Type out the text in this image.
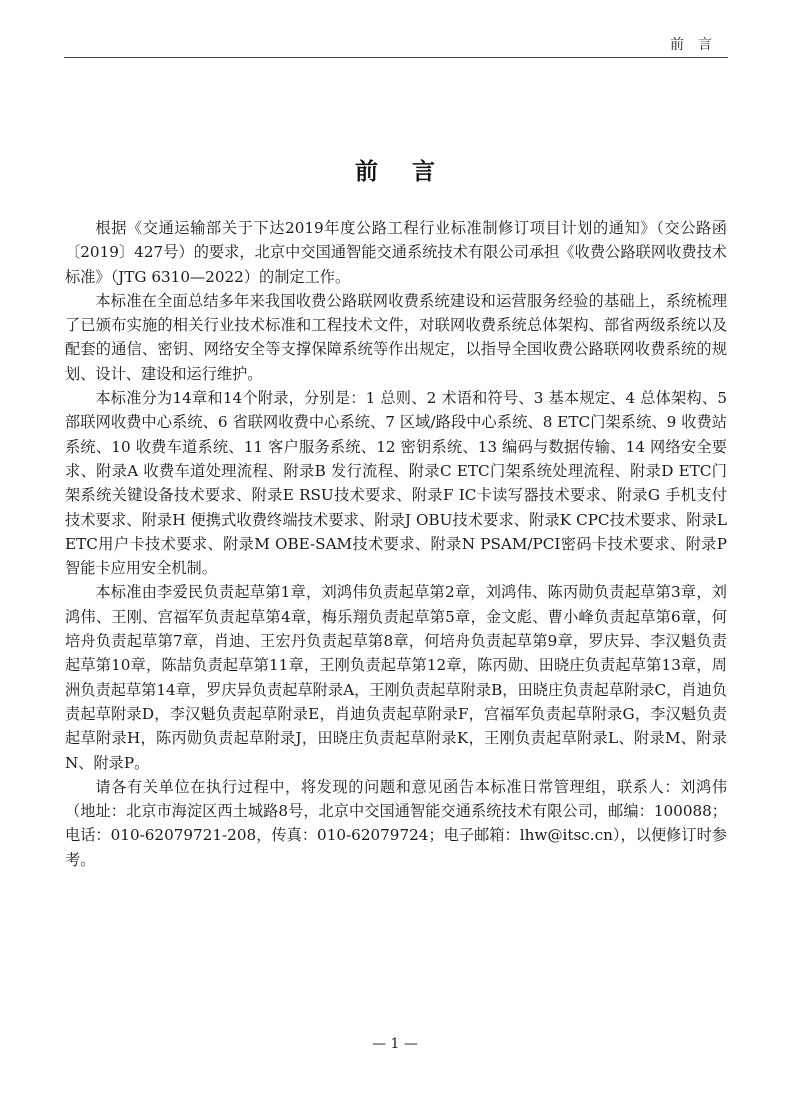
前言
前言

根据《交通运输部关于下达2019年度公路工程行业标准制修订项目计划的通知》（交公路函〔2019〕427号）的要求，北京中交国通智能交通系统技术有限公司承担《收费公路联网收费技术标准》（JTG 6310—2022）的制定工作。

本标准在全面总结多年来我国收费公路联网收费系统建设和运营服务经验的基础上，系统梳理了已颁布实施的相关行业技术标准和工程技术文件，对联网收费系统总体架构、部省两级系统以及配套的通信、密钥、网络安全等支撑保障系统等作出规定，以指导全国收费公路联网收费系统的规划、设计、建设和运行维护。

本标准分为14章和14个附录，分别是：1 总则、2 术语和符号、3 基本规定、4 总体架构、5 部联网收费中心系统、6 省联网收费中心系统、7 区域/路段中心系统、8 ETC门架系统、9 收费站系统、10 收费车道系统、11 客户服务系统、12 密钥系统、13 编码与数据传输、14 网络安全要求、附录A 收费车道处理流程、附录B 发行流程、附录C ETC门架系统处理流程、附录D ETC门架系统关键设备技术要求、附录E RSU技术要求、附录F IC卡读写器技术要求、附录G 手机支付技术要求、附录H 便携式收费终端技术要求、附录J OBU技术要求、附录K CPC技术要求、附录L ETC用户卡技术要求、附录M OBE-SAM技术要求、附录N PSAM/PCI密码卡技术要求、附录P 智能卡应用安全机制。

本标准由李爱民负责起草第1章，刘鸿伟负责起草第2章，刘鸿伟、陈丙勋负责起草第3章，刘鸿伟、王刚、宫福军负责起草第4章，梅乐翔负责起草第5章，金文彪、曹小峰负责起草第6章，何培舟负责起草第7章，肖迪、王宏丹负责起草第8章，何培舟负责起草第9章，罗庆异、李汉魁负责起草第10章，陈喆负责起草第11章，王刚负责起草第12章，陈丙勋、田晓庄负责起草第13章，周洲负责起草第14章，罗庆异负责起草附录A，王刚负责起草附录B，田晓庄负责起草附录C，肖迪负责起草附录D，李汉魁负责起草附录E，肖迪负责起草附录F，宫福军负责起草附录G，李汉魁负责起草附录H，陈丙勋负责起草附录J，田晓庄负责起草附录K，王刚负责起草附录L、附录M、附录N、附录P。

请各有关单位在执行过程中，将发现的问题和意见函告本标准日常管理组，联系人：刘鸿伟（地址：北京市海淀区西土城路8号，北京中交国通智能交通系统技术有限公司，邮编：100088；电话：010-62079721-208，传真：010-62079724；电子邮箱：lhw@itsc.cn），以便修订时参考。

— 1 —
